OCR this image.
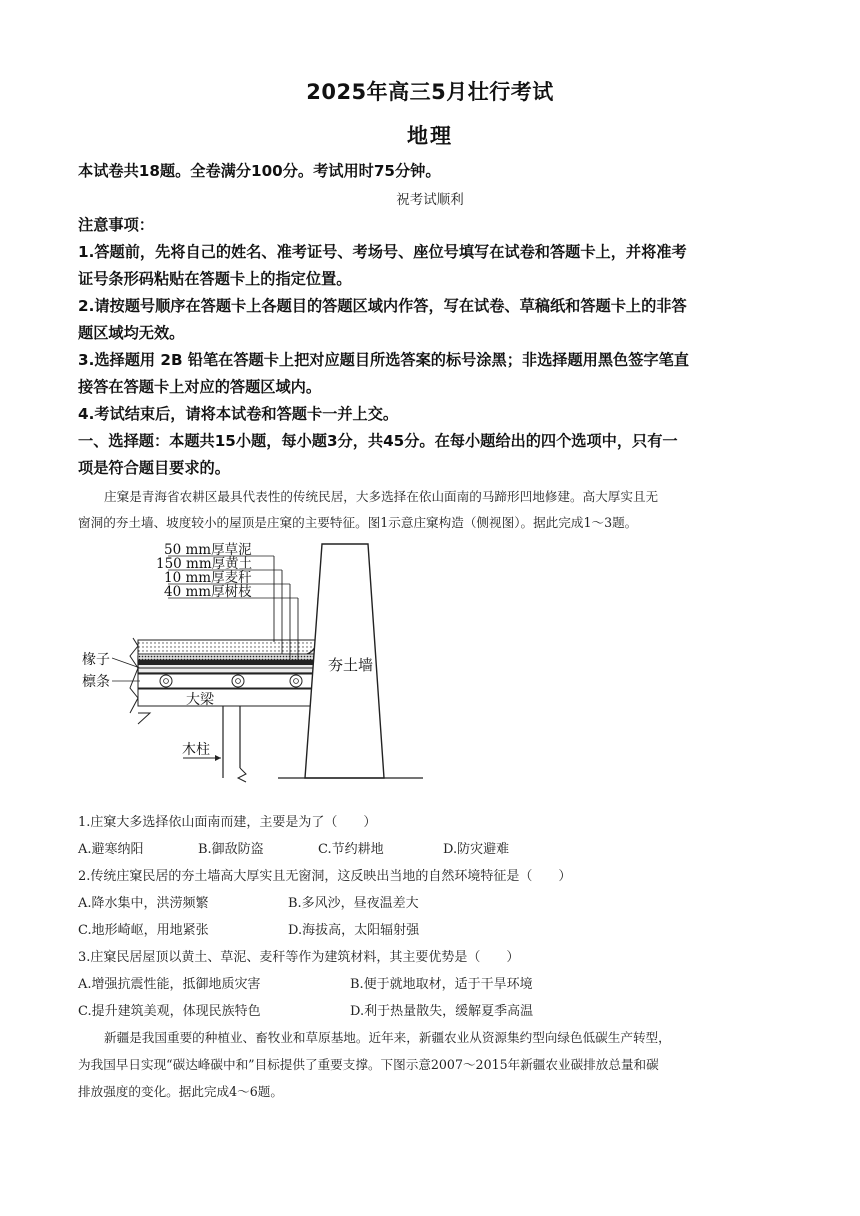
2025年高三5月壮行考试
地理
本试卷共18题。全卷满分100分。考试用时75分钟。
祝考试顺利
注意事项：
1.答题前，先将自己的姓名、准考证号、考场号、座位号填写在试卷和答题卡上，并将准考
证号条形码粘贴在答题卡上的指定位置。
2.请按题号顺序在答题卡上各题目的答题区域内作答，写在试卷、草稿纸和答题卡上的非答
题区域均无效。
3.选择题用 2B 铅笔在答题卡上把对应题目所选答案的标号涂黑；非选择题用黑色签字笔直
接答在答题卡上对应的答题区域内。
4.考试结束后，请将本试卷和答题卡一并上交。
一、选择题：本题共15小题，每小题3分，共45分。在每小题给出的四个选项中，只有一
项是符合题目要求的。
庄窠是青海省农耕区最具代表性的传统民居，大多选择在依山面南的马蹄形凹地修建。高大厚实且无
窗洞的夯土墙、坡度较小的屋顶是庄窠的主要特征。图1示意庄窠构造（侧视图）。据此完成1～3题。
50 mm厚草泥
150 mm厚黄土
10 mm厚麦秆
40 mm厚树枝
椽子
檩条
大梁
夯土墙
木柱
1.庄窠大多选择依山面南而建，主要是为了（　　）
A.避寒纳阳	B.御敌防盗	C.节约耕地	D.防灾避难
2.传统庄窠民居的夯土墙高大厚实且无窗洞，这反映出当地的自然环境特征是（　　）
A.降水集中，洪涝频繁	B.多风沙，昼夜温差大
C.地形崎岖，用地紧张	D.海拔高，太阳辐射强
3.庄窠民居屋顶以黄土、草泥、麦秆等作为建筑材料，其主要优势是（　　）
A.增强抗震性能，抵御地质灾害	B.便于就地取材，适于干旱环境
C.提升建筑美观，体现民族特色	D.利于热量散失，缓解夏季高温
新疆是我国重要的种植业、畜牧业和草原基地。近年来，新疆农业从资源集约型向绿色低碳生产转型，
为我国早日实现“碳达峰碳中和”目标提供了重要支撑。下图示意2007～2015年新疆农业碳排放总量和碳
排放强度的变化。据此完成4～6题。
